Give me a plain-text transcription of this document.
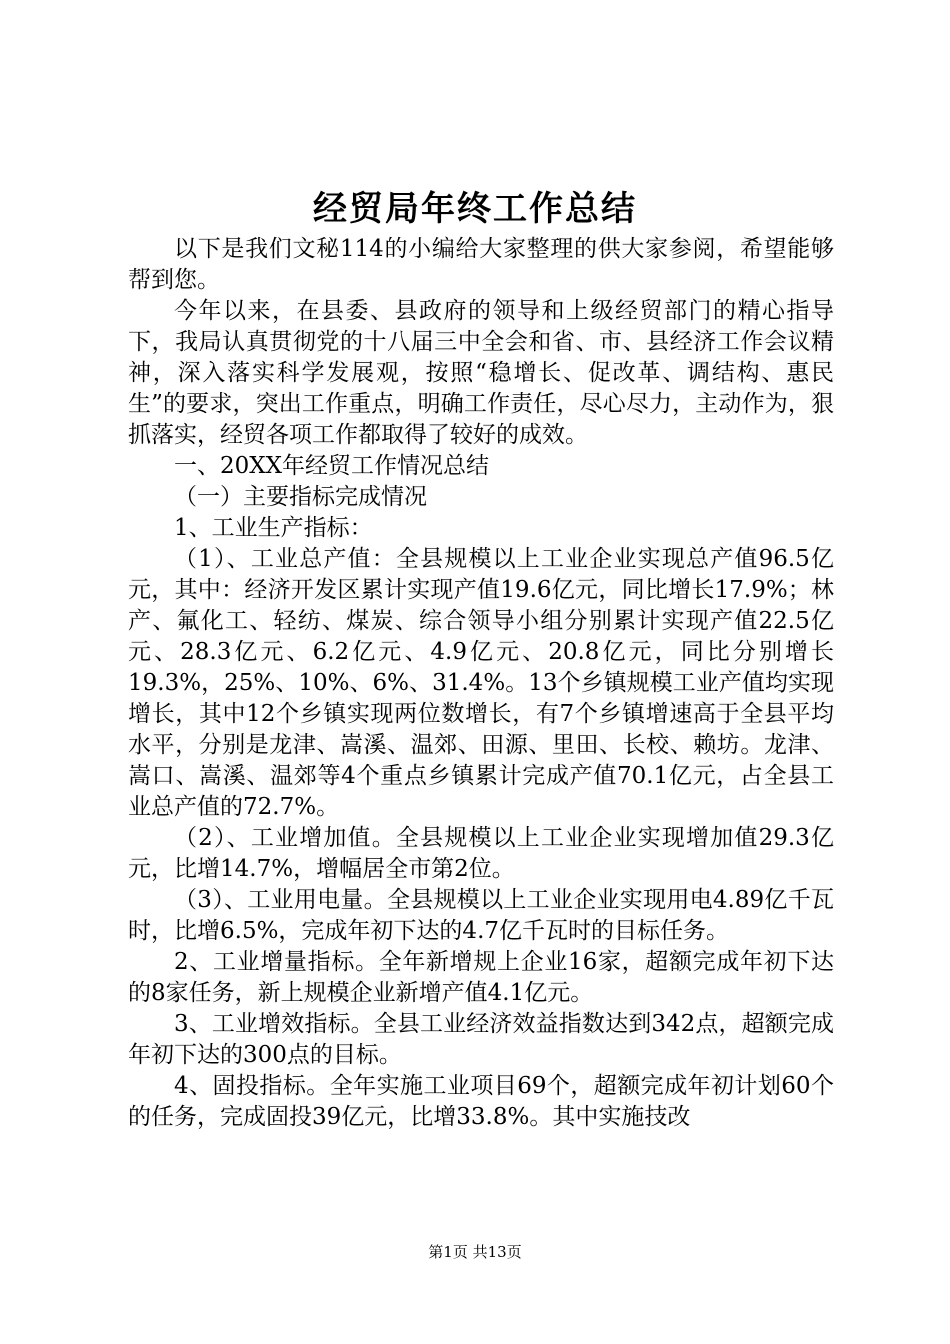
经贸局年终工作总结

以下是我们文秘114的小编给大家整理的供大家参阅，希望能够帮到您。

今年以来，在县委、县政府的领导和上级经贸部门的精心指导下，我局认真贯彻党的十八届三中全会和省、市、县经济工作会议精神，深入落实科学发展观，按照“稳增长、促改革、调结构、惠民生”的要求，突出工作重点，明确工作责任，尽心尽力，主动作为，狠抓落实，经贸各项工作都取得了较好的成效。

一、20XX年经贸工作情况总结

（一）主要指标完成情况

1、工业生产指标：

（1）、工业总产值：全县规模以上工业企业实现总产值96.5亿元，其中：经济开发区累计实现产值19.6亿元，同比增长17.9%；林产、氟化工、轻纺、煤炭、综合领导小组分别累计实现产值22.5亿元、28.3亿元、6.2亿元、4.9亿元、20.8亿元，同比分别增长19.3%，25%、10%、6%、31.4%。13个乡镇规模工业产值均实现增长，其中12个乡镇实现两位数增长，有7个乡镇增速高于全县平均水平，分别是龙津、嵩溪、温郊、田源、里田、长校、赖坊。龙津、嵩口、嵩溪、温郊等4个重点乡镇累计完成产值70.1亿元，占全县工业总产值的72.7%。

（2）、工业增加值。全县规模以上工业企业实现增加值29.3亿元，比增14.7%，增幅居全市第2位。

（3）、工业用电量。全县规模以上工业企业实现用电4.89亿千瓦时，比增6.5%，完成年初下达的4.7亿千瓦时的目标任务。

2、工业增量指标。全年新增规上企业16家，超额完成年初下达的8家任务，新上规模企业新增产值4.1亿元。

3、工业增效指标。全县工业经济效益指数达到342点，超额完成年初下达的300点的目标。

4、固投指标。全年实施工业项目69个，超额完成年初计划60个的任务，完成固投39亿元，比增33.8%。其中实施技改

第1页 共13页
